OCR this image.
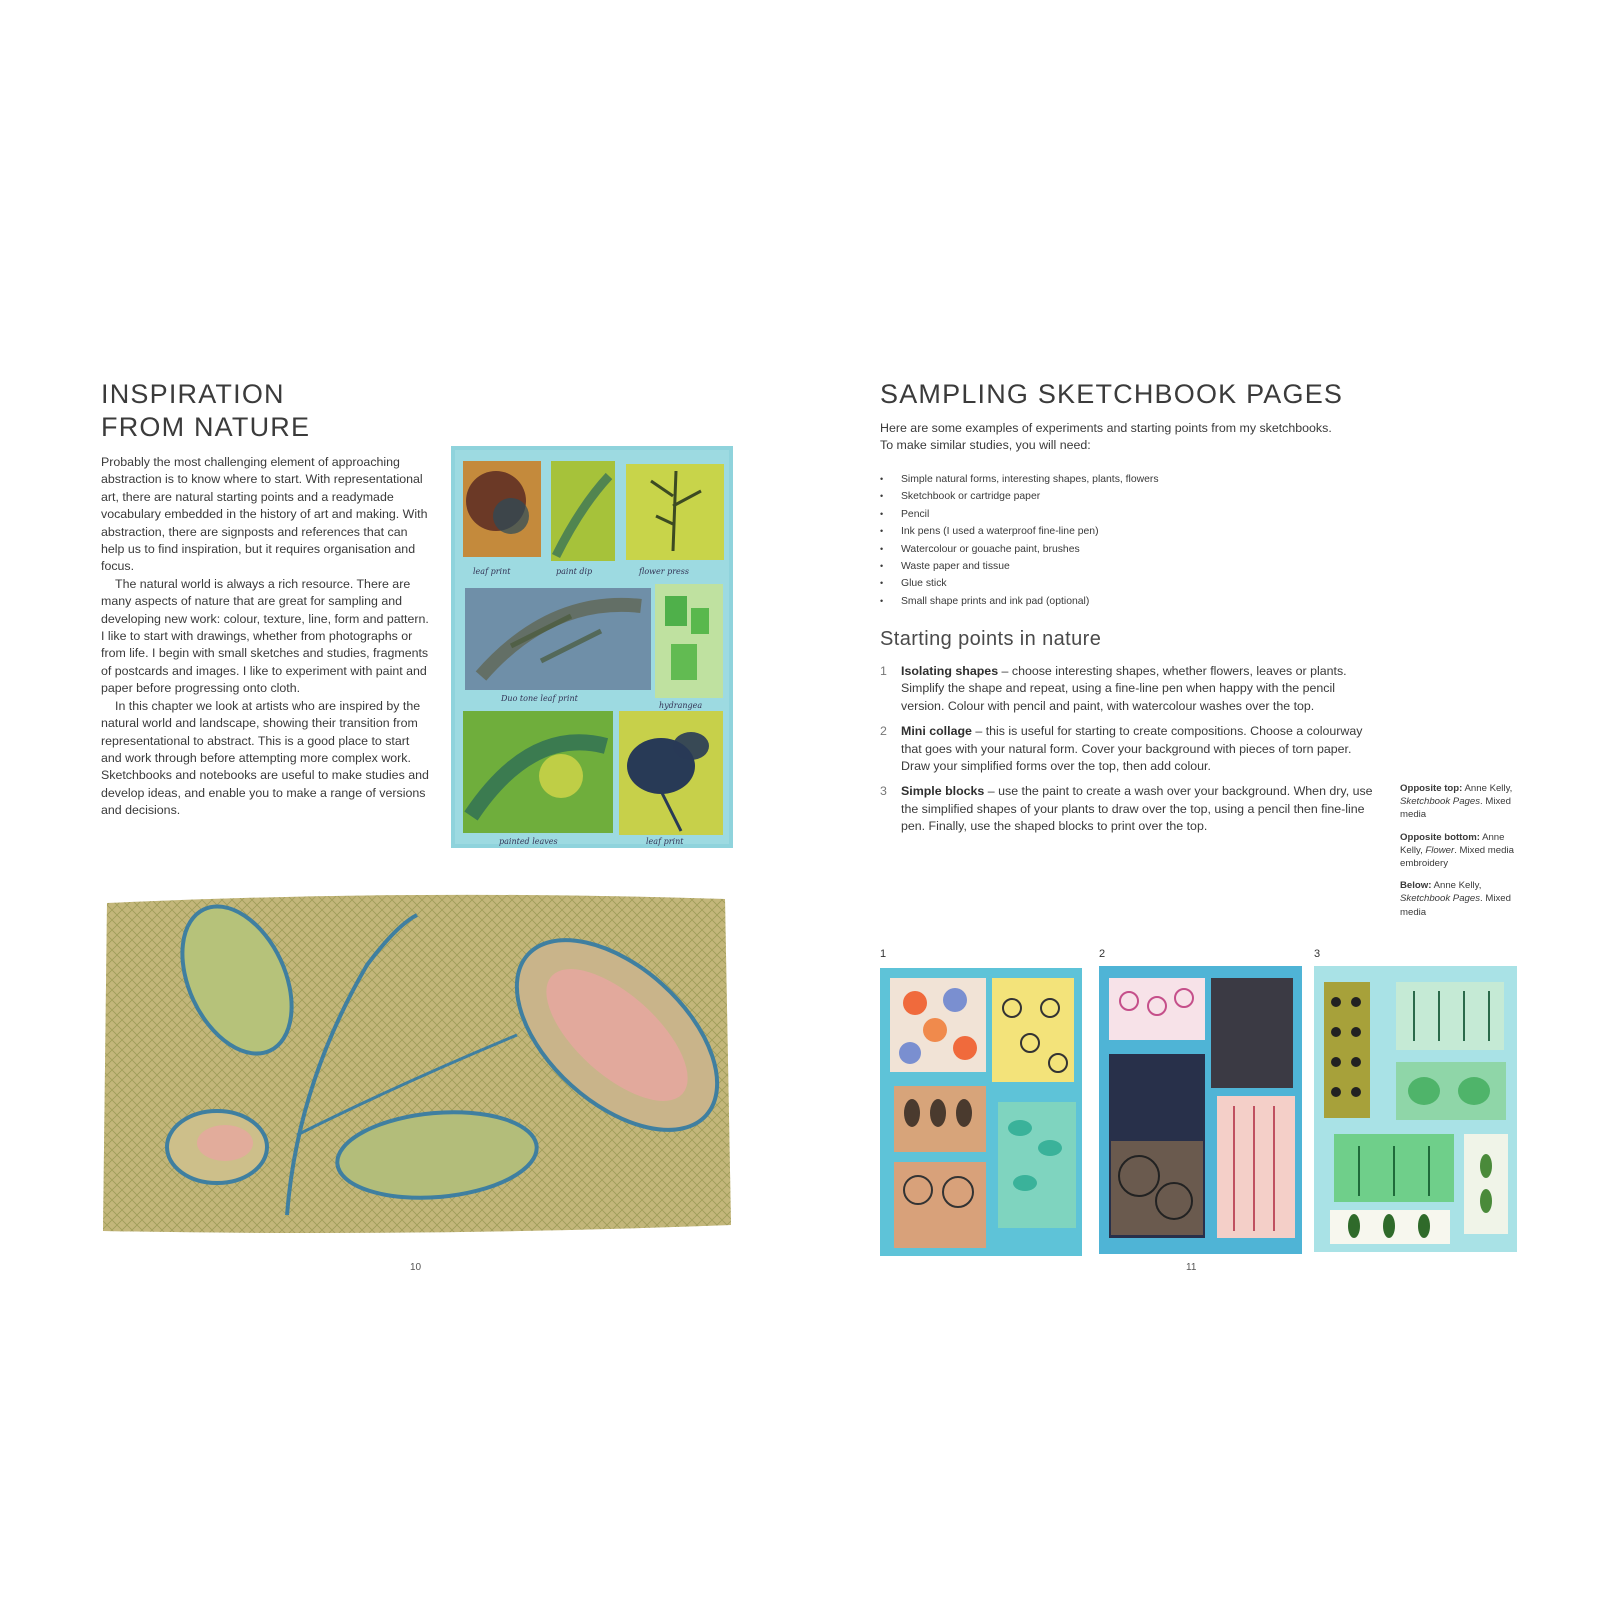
INSPIRATION
FROM NATURE

Probably the most challenging element of approaching abstraction is to know where to start. With representational art, there are natural starting points and a readymade vocabulary embedded in the history of art and making. With abstraction, there are signposts and references that can help us to find inspiration, but it requires organisation and focus.

The natural world is always a rich resource. There are many aspects of nature that are great for sampling and developing new work: colour, texture, line, form and pattern. I like to start with drawings, whether from photographs or from life. I begin with small sketches and studies, fragments of postcards and images. I like to experiment with paint and paper before progressing onto cloth.

In this chapter we look at artists who are inspired by the natural world and landscape, showing their transition from representational to abstract. This is a good place to start and work through before attempting more complex work. Sketchbooks and notebooks are useful to make studies and develop ideas, and enable you to make a range of versions and decisions.

leaf print	paint dip	flower press
Duo tone leaf print
hydrangea
painted leaves	leaf print
10
SAMPLING SKETCHBOOK PAGES
Here are some examples of experiments and starting points from my sketchbooks.
To make similar studies, you will need:
• Simple natural forms, interesting shapes, plants, flowers
• Sketchbook or cartridge paper
• Pencil
• Ink pens (I used a waterproof fine-line pen)
• Watercolour or gouache paint, brushes
• Waste paper and tissue
• Glue stick
• Small shape prints and ink pad (optional)
Starting points in nature
1 Isolating shapes – choose interesting shapes, whether flowers, leaves or plants. Simplify the shape and repeat, using a fine-line pen when happy with the pencil version. Colour with pencil and paint, with watercolour washes over the top.
2 Mini collage – this is useful for starting to create compositions. Choose a colourway that goes with your natural form. Cover your background with pieces of torn paper. Draw your simplified forms over the top, then add colour.
3 Simple blocks – use the paint to create a wash over your background. When dry, use the simplified shapes of your plants to draw over the top, using a pencil then fine-line pen. Finally, use the shaped blocks to print over the top.

Opposite top: Anne Kelly, Sketchbook Pages. Mixed media

Opposite bottom: Anne Kelly, Flower. Mixed media embroidery

Below: Anne Kelly, Sketchbook Pages. Mixed media

1	2	3
11
